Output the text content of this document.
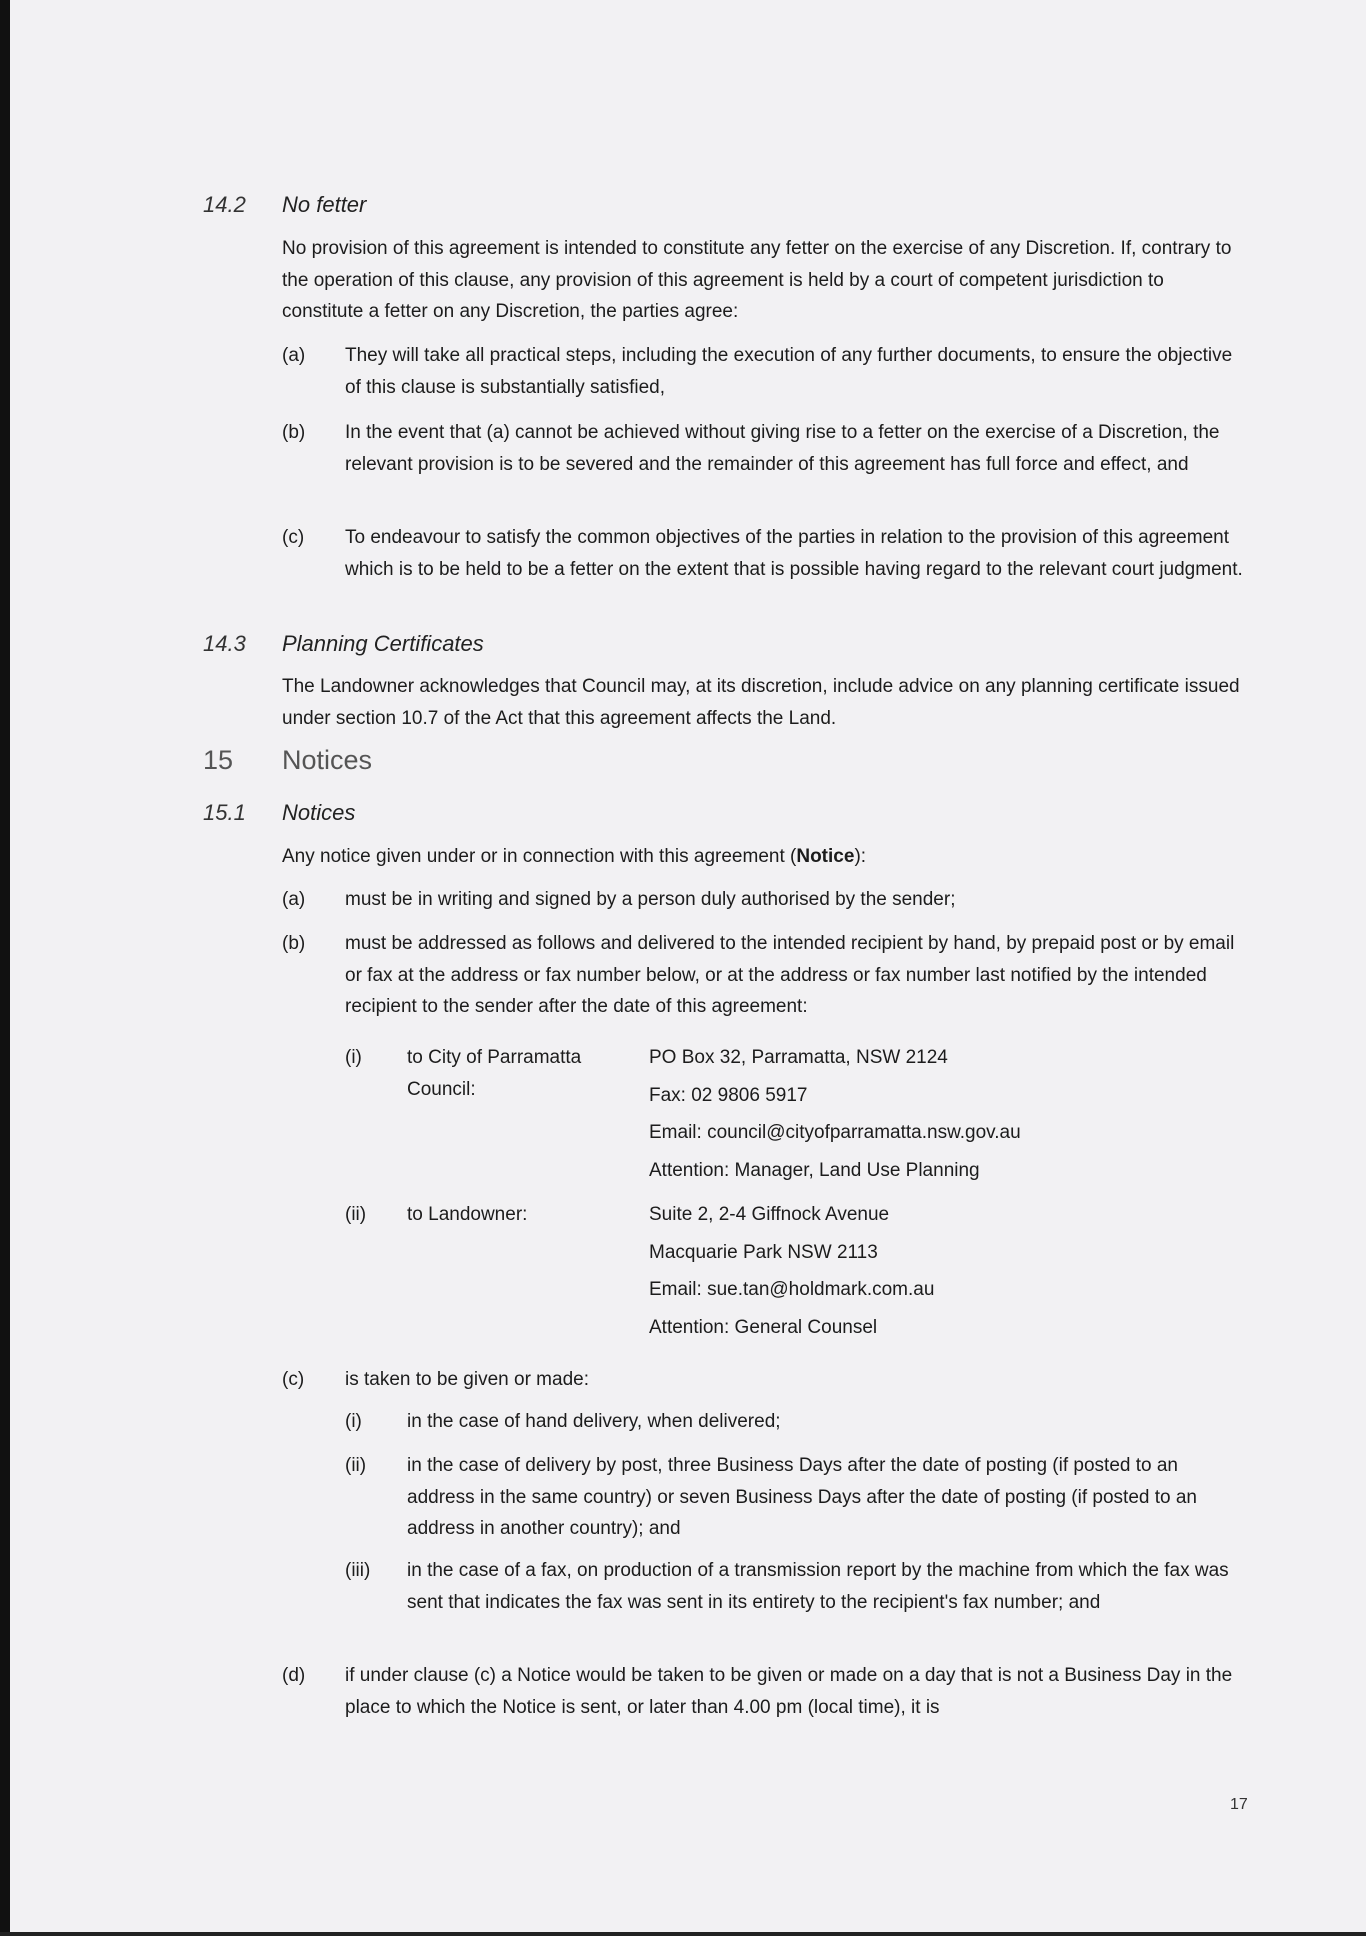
14.2 No fetter

No provision of this agreement is intended to constitute any fetter on the exercise of any Discretion. If, contrary to the operation of this clause, any provision of this agreement is held by a court of competent jurisdiction to constitute a fetter on any Discretion, the parties agree:

(a) They will take all practical steps, including the execution of any further documents, to ensure the objective of this clause is substantially satisfied,

(b) In the event that (a) cannot be achieved without giving rise to a fetter on the exercise of a Discretion, the relevant provision is to be severed and the remainder of this agreement has full force and effect, and

(c) To endeavour to satisfy the common objectives of the parties in relation to the provision of this agreement which is to be held to be a fetter on the extent that is possible having regard to the relevant court judgment.

14.3 Planning Certificates

The Landowner acknowledges that Council may, at its discretion, include advice on any planning certificate issued under section 10.7 of the Act that this agreement affects the Land.

15 Notices
15.1 Notices

Any notice given under or in connection with this agreement (Notice):

(a) must be in writing and signed by a person duly authorised by the sender;

(b) must be addressed as follows and delivered to the intended recipient by hand, by prepaid post or by email or fax at the address or fax number below, or at the address or fax number last notified by the intended recipient to the sender after the date of this agreement:

(i) to City of Parramatta Council:

PO Box 32, Parramatta, NSW 2124
Fax: 02 9806 5917
Email: council@cityofparramatta.nsw.gov.au
Attention: Manager, Land Use Planning
(ii) to Landowner:	Suite 2, 2-4 Giffnock Avenue
Macquarie Park NSW 2113
Email: sue.tan@holdmark.com.au
Attention: General Counsel
(c) is taken to be given or made:

(i) in the case of hand delivery, when delivered;

(ii) in the case of delivery by post, three Business Days after the date of posting (if posted to an address in the same country) or seven Business Days after the date of posting (if posted to an address in another country); and

(iii) in the case of a fax, on production of a transmission report by the machine from which the fax was sent that indicates the fax was sent in its entirety to the recipient's fax number; and

(d) if under clause (c) a Notice would be taken to be given or made on a day that is not a Business Day in the place to which the Notice is sent, or later than 4.00 pm (local time), it is

17
